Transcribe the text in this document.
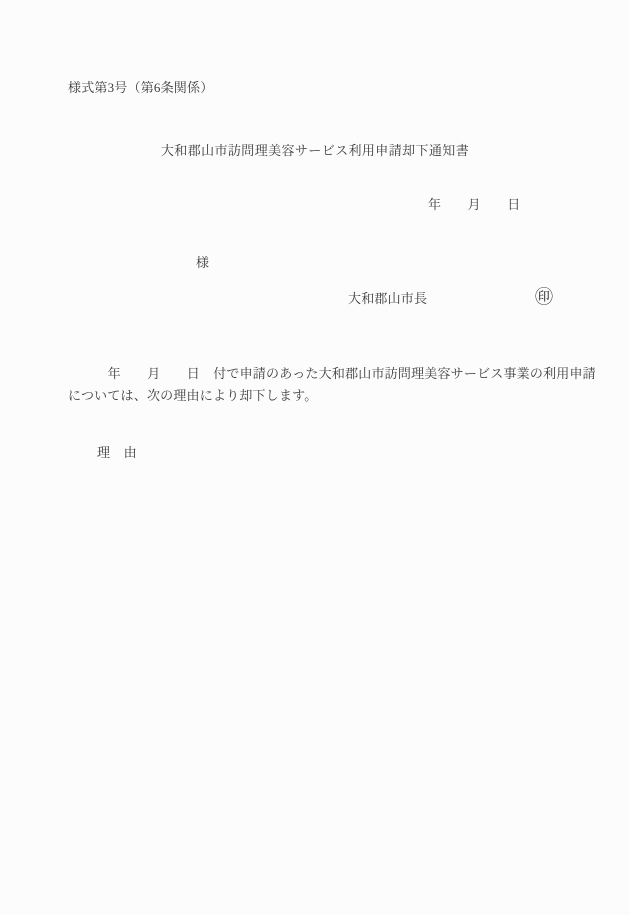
様式第3号（第6条関係）
大和郡山市訪問理美容サービス利用申請却下通知書
年　　月　　日
様
大和郡山市長	㊞
　　　年　　月　　日　付で申請のあった大和郡山市訪問理美容サービス事業の利用申請
については、次の理由により却下します。
理　由
